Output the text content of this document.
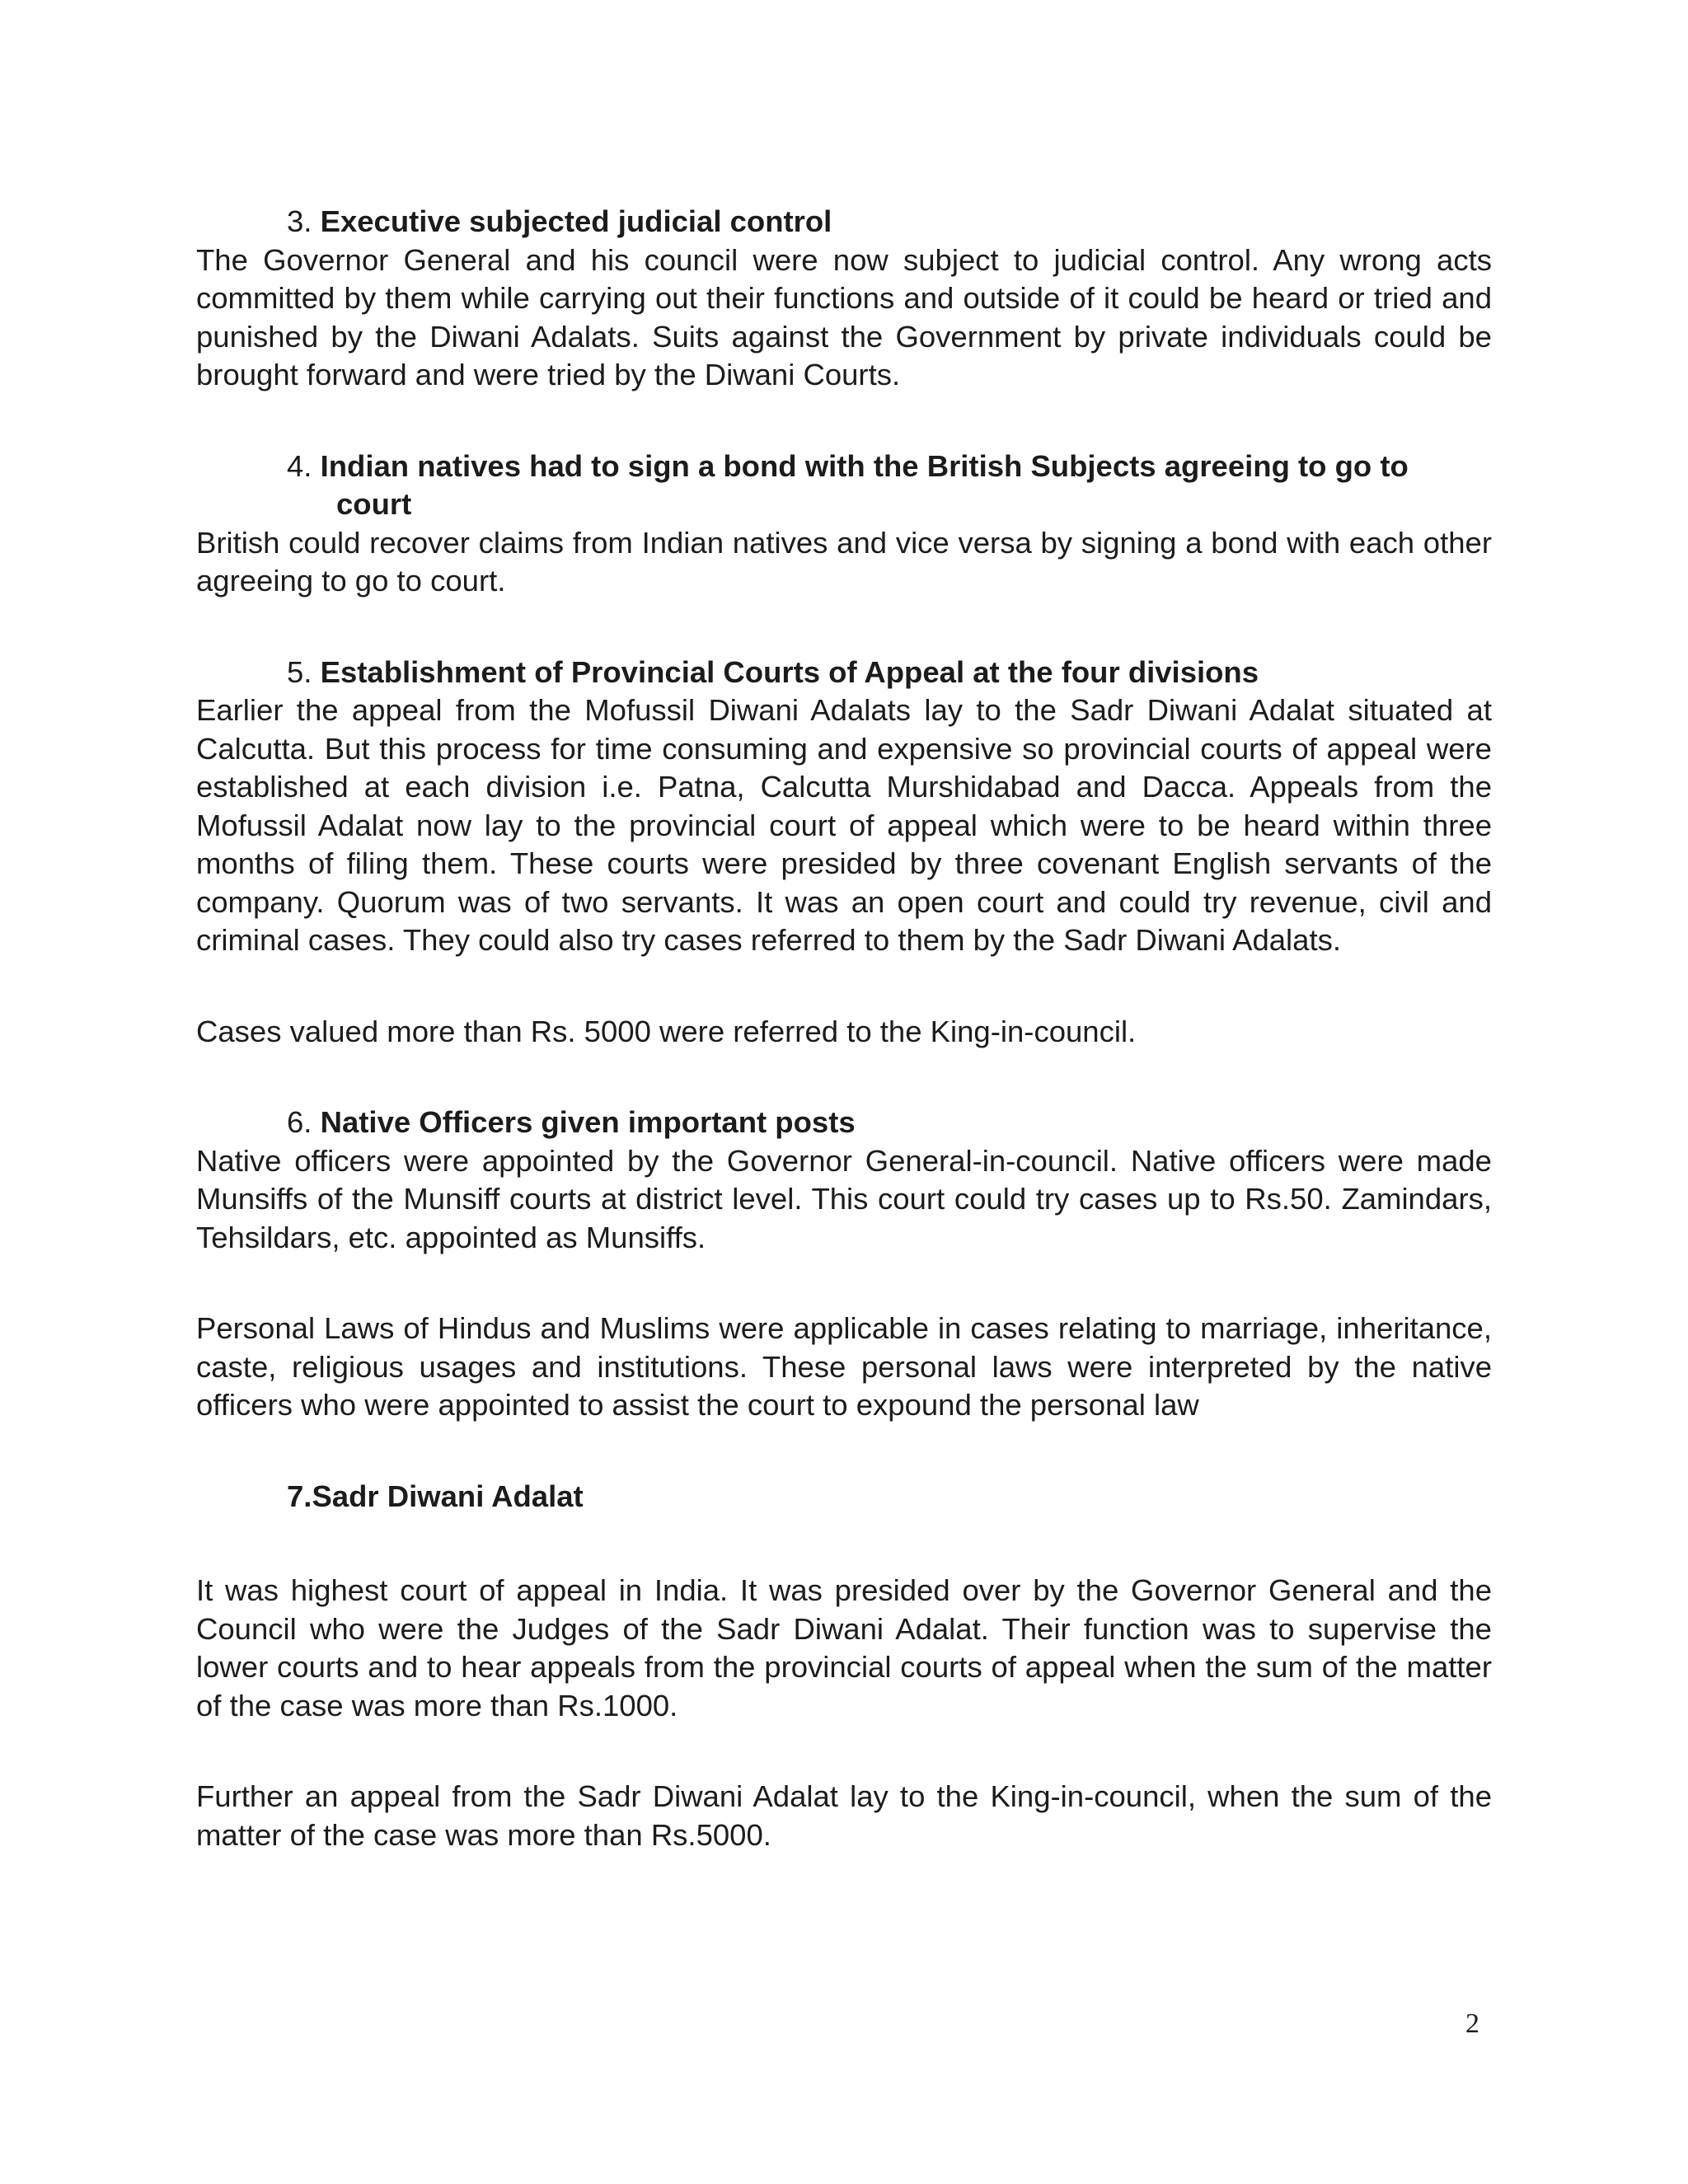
3. Executive subjected judicial control

The Governor General and his council were now subject to judicial control. Any wrong acts committed by them while carrying out their functions and outside of it could be heard or tried and punished by the Diwani Adalats. Suits against the Government by private individuals could be brought forward and were tried by the Diwani Courts.

4. Indian natives had to sign a bond with the British Subjects agreeing to go to court

British could recover claims from Indian natives and vice versa by signing a bond with each other agreeing to go to court.

5. Establishment of Provincial Courts of Appeal at the four divisions

Earlier the appeal from the Mofussil Diwani Adalats lay to the Sadr Diwani Adalat situated at Calcutta. But this process for time consuming and expensive so provincial courts of appeal were established at each division i.e. Patna, Calcutta Murshidabad and Dacca. Appeals from the Mofussil Adalat now lay to the provincial court of appeal which were to be heard within three months of filing them. These courts were presided by three covenant English servants of the company. Quorum was of two servants. It was an open court and could try revenue, civil and criminal cases. They could also try cases referred to them by the Sadr Diwani Adalats.

Cases valued more than Rs. 5000 were referred to the King-in-council.

6. Native Officers given important posts

Native officers were appointed by the Governor General-in-council. Native officers were made Munsiffs of the Munsiff courts at district level. This court could try cases up to Rs.50. Zamindars, Tehsildars, etc. appointed as Munsiffs.

Personal Laws of Hindus and Muslims were applicable in cases relating to marriage, inheritance, caste, religious usages and institutions. These personal laws were interpreted by the native officers who were appointed to assist the court to expound the personal law

7.Sadr Diwani Adalat

It was highest court of appeal in India. It was presided over by the Governor General and the Council who were the Judges of the Sadr Diwani Adalat. Their function was to supervise the lower courts and to hear appeals from the provincial courts of appeal when the sum of the matter of the case was more than Rs.1000.

Further an appeal from the Sadr Diwani Adalat lay to the King-in-council, when the sum of the matter of the case was more than Rs.5000.

2
